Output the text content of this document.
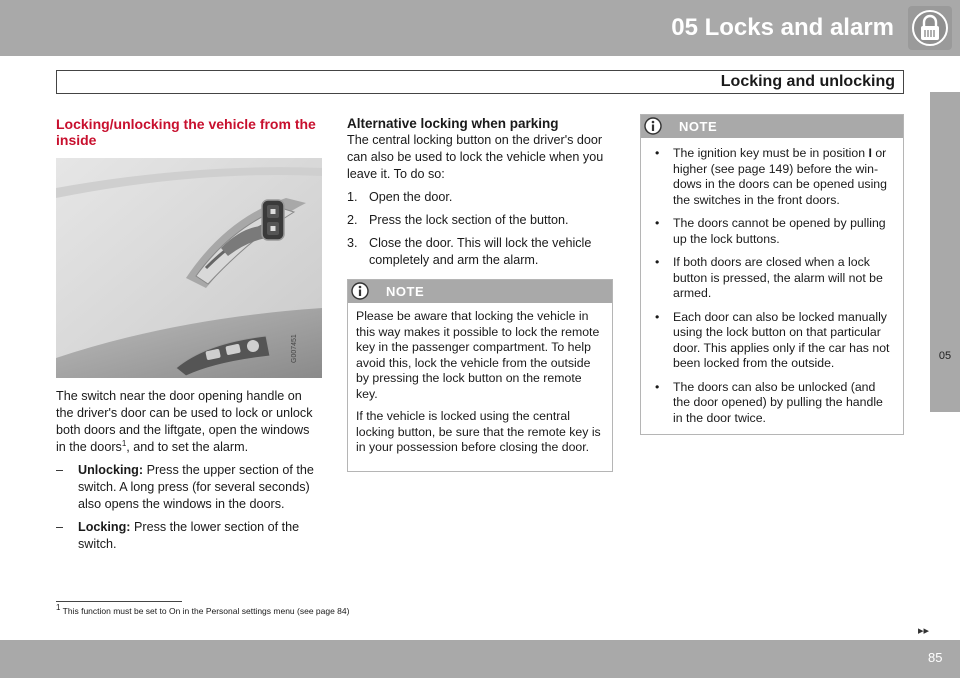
05 Locks and alarm
Locking and unlocking
05
Locking/unlocking the vehicle from the inside
G007451

The switch near the door opening handle on the driver's door can be used to lock or unlock both doors and the liftgate, open the windows in the doors$^1$, and to set the alarm.

– Unlocking: Press the upper section of the switch. A long press (for several seconds) also opens the windows in the doors.
– Locking: Press the lower section of the switch.
Alternative locking when parking

The central locking button on the driver's door can also be used to lock the vehicle when you leave it. To do so:

1. Open the door.
2. Press the lock section of the button.
3. Close the door. This will lock the vehicle completely and arm the alarm.
NOTE

Please be aware that locking the vehicle in this way makes it possible to lock the remote key in the passenger compartment. To help avoid this, lock the vehicle from the outside by pressing the lock button on the remote key.

If the vehicle is locked using the central locking button, be sure that the remote key is in your possession before closing the door.

NOTE
• The ignition key must be in position I or higher (see page 149) before the win-dows in the doors can be opened using the switches in the front doors.
• The doors cannot be opened by pulling up the lock buttons.
• If both doors are closed when a lock button is pressed, the alarm will not be armed.
• Each door can also be locked manually using the lock button on that particular door. This applies only if the car has not been locked from the outside.
• The doors can also be unlocked (and the door opened) by pulling the handle in the door twice.
$^1$ This function must be set to On in the Personal settings menu (see page 84)
▸▸
85
